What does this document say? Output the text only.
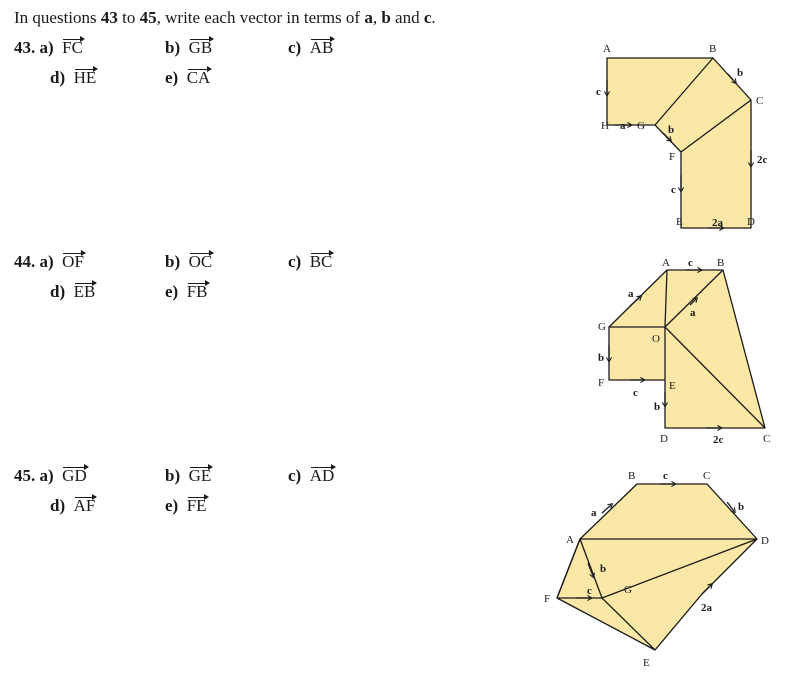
In questions 43 to 45, write each vector in terms of a, b and c.
43. a) FC	b) GB	c) AB
d) HE	e) CA
44. a) OF	b) OC	c) BC
d) EB	e) FB
45. a) GD	b) GE	c) AD
d) AF	e) FE
A	B
C
D
E
F
G
H
c
a	b
b
2c
c
2a
A	B
C
D
E
F
G
O
c
a
a
b
c
b
2c
A
B	C
D
E
F
G
c
a	b
b
c
2a
